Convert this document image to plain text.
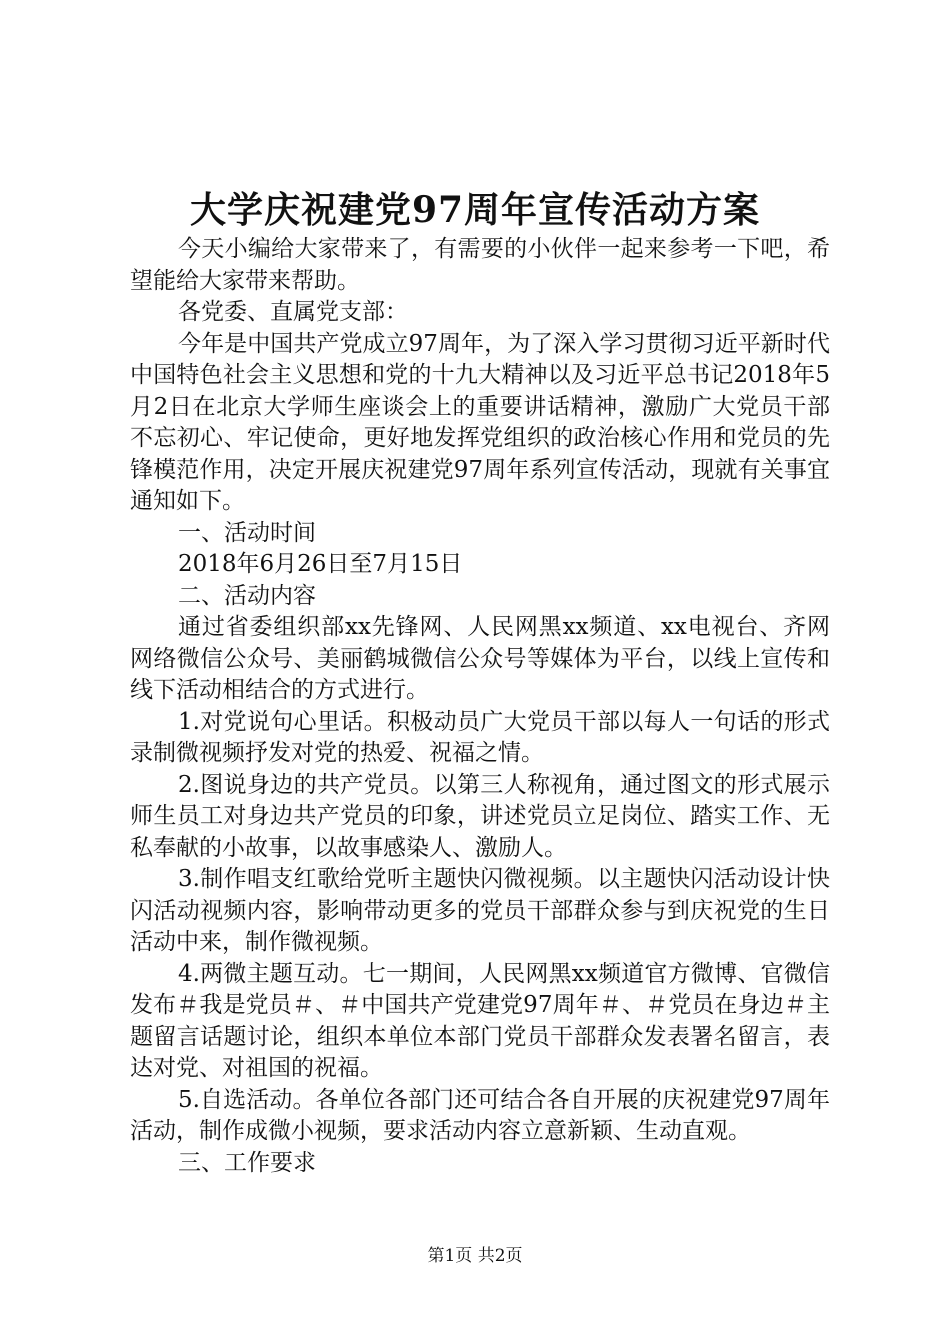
大学庆祝建党97周年宣传活动方案

今天小编给大家带来了，有需要的小伙伴一起来参考一下吧，希望能给大家带来帮助。

各党委、直属党支部：

今年是中国共产党成立97周年，为了深入学习贯彻习近平新时代中国特色社会主义思想和党的十九大精神以及习近平总书记2018年5月2日在北京大学师生座谈会上的重要讲话精神，激励广大党员干部不忘初心、牢记使命，更好地发挥党组织的政治核心作用和党员的先锋模范作用，决定开展庆祝建党97周年系列宣传活动，现就有关事宜通知如下。

一、活动时间

2018年6月26日至7月15日

二、活动内容

通过省委组织部xx先锋网、人民网黑xx频道、xx电视台、齐网网络微信公众号、美丽鹤城微信公众号等媒体为平台，以线上宣传和线下活动相结合的方式进行。

1.对党说句心里话。积极动员广大党员干部以每人一句话的形式录制微视频抒发对党的热爱、祝福之情。

2.图说身边的共产党员。以第三人称视角，通过图文的形式展示师生员工对身边共产党员的印象，讲述党员立足岗位、踏实工作、无私奉献的小故事，以故事感染人、激励人。

3.制作唱支红歌给党听主题快闪微视频。以主题快闪活动设计快闪活动视频内容，影响带动更多的党员干部群众参与到庆祝党的生日活动中来，制作微视频。

4.两微主题互动。七一期间，人民网黑xx频道官方微博、官微信发布＃我是党员＃、＃中国共产党建党97周年＃、＃党员在身边＃主题留言话题讨论，组织本单位本部门党员干部群众发表署名留言，表达对党、对祖国的祝福。

5.自选活动。各单位各部门还可结合各自开展的庆祝建党97周年活动，制作成微小视频，要求活动内容立意新颖、生动直观。

三、工作要求

第1页 共2页
